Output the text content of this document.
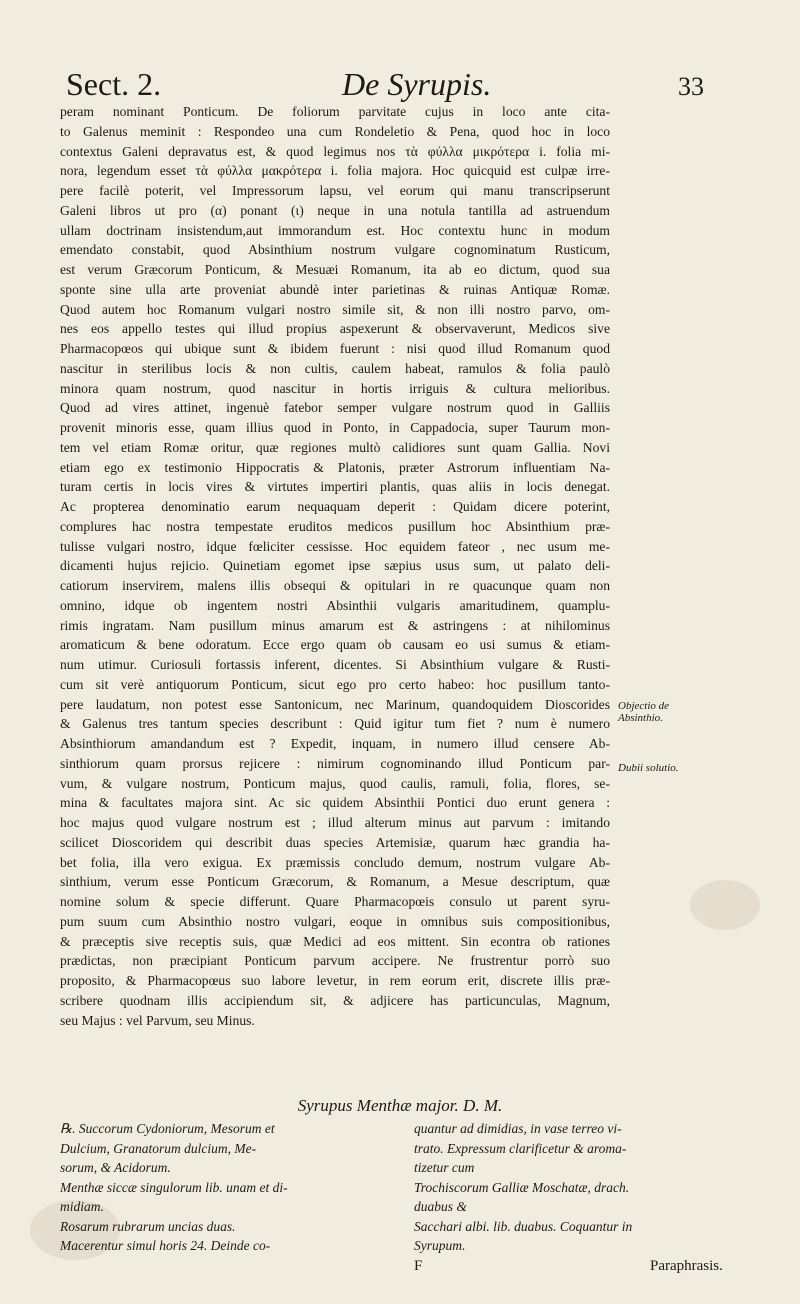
Sect. 2.	De Syrupis.	33
peram nominant Ponticum. De foliorum parvitate cujus in loco ante cita-
to Galenus meminit : Respondeo una cum Rondeletio & Pena, quod hoc in loco
contextus Galeni depravatus est, & quod legimus nos τὰ φύλλα μικρότερα i. folia mi-
nora, legendum esset τὰ φύλλα μακρότερα i. folia majora. Hoc quicquid est culpæ irre-
pere facilè poterit, vel Impressorum lapsu, vel eorum qui manu transcripserunt
Galeni libros ut pro (α) ponant (ι) neque in una notula tantilla ad astruendum
ullam doctrinam insistendum,aut immorandum est. Hoc contextu hunc in modum
emendato constabit, quod Absinthium nostrum vulgare cognominatum Rusticum,
est verum Græcorum Ponticum, & Mesuæi Romanum, ita ab eo dictum, quod sua
sponte sine ulla arte proveniat abundè inter parietinas & ruinas Antiquæ Romæ.
Quod autem hoc Romanum vulgari nostro simile sit, & non illi nostro parvo, om-
nes eos appello testes qui illud propius aspexerunt & observaverunt, Medicos sive
Pharmacopœos qui ubique sunt & ibidem fuerunt : nisi quod illud Romanum quod
nascitur in sterilibus locis & non cultis, caulem habeat, ramulos & folia paulò
minora quam nostrum, quod nascitur in hortis irriguis & cultura melioribus.
Quod ad vires attinet, ingenuè fatebor semper vulgare nostrum quod in Galliis
provenit minoris esse, quam illius quod in Ponto, in Cappadocia, super Taurum mon-
tem vel etiam Romæ oritur, quæ regiones multò calidiores sunt quam Gallia. Novi
etiam ego ex testimonio Hippocratis & Platonis, præter Astrorum influentiam Na-
turam certis in locis vires & virtutes impertiri plantis, quas aliis in locis denegat.
Ac propterea denominatio earum nequaquam deperit : Quidam dicere poterint,
complures hac nostra tempestate eruditos medicos pusillum hoc Absinthium præ-
tulisse vulgari nostro, idque fœliciter cessisse. Hoc equidem fateor , nec usum me-
dicamenti hujus rejicio. Quinetiam egomet ipse sæpius usus sum, ut palato deli-
catiorum inservirem, malens illis obsequi & opitulari in re quacunque quam non
omnino, idque ob ingentem nostri Absinthii vulgaris amaritudinem, quamplu-
rimis ingratam. Nam pusillum minus amarum est & astringens : at nihilominus
aromaticum & bene odoratum. Ecce ergo quam ob causam eo usi sumus & etiam-
num utimur. Curiosuli fortassis inferent, dicentes. Si Absinthium vulgare & Rusti-
cum sit verè antiquorum Ponticum, sicut ego pro certo habeo: hoc pusillum tanto-
pere laudatum, non potest esse Santonicum, nec Marinum, quandoquidem Dioscorides
& Galenus tres tantum species describunt : Quid igitur tum fiet ? num è numero
Absinthiorum amandandum est ? Expedit, inquam, in numero illud censere Ab-
sinthiorum quam prorsus rejicere : nimirum cognominando illud Ponticum par-
vum, & vulgare nostrum, Ponticum majus, quod caulis, ramuli, folia, flores, se-
mina & facultates majora sint. Ac sic quidem Absinthii Pontici duo erunt genera :
hoc majus quod vulgare nostrum est ; illud alterum minus aut parvum : imitando
scilicet Dioscoridem qui describit duas species Artemisiæ, quarum hæc grandia ha-
bet folia, illa vero exigua. Ex præmissis concludo demum, nostrum vulgare Ab-
sinthium, verum esse Ponticum Græcorum, & Romanum, a Mesue descriptum, quæ
nomine solum & specie differunt. Quare Pharmacopœis consulo ut parent syru-
pum suum cum Absinthio nostro vulgari, eoque in omnibus suis compositionibus,
& præceptis sive receptis suis, quæ Medici ad eos mittent. Sin econtra ob rationes
prædictas, non præcipiant Ponticum parvum accipere. Ne frustrentur porrò suo
proposito, & Pharmacopœus suo labore levetur, in rem eorum erit, discrete illis præ-
scribere quodnam illis accipiendum sit, & adjicere has particunculas, Magnum,
seu Majus : vel Parvum, seu Minus.
Objectio de Absinthio.
Dubii solutio.
Syrupus Menthæ major. D. M.
℞. Succorum Cydoniorum, Mesorum et
Dulcium, Granatorum dulcium, Me-
sorum, & Acidorum.
Menthæ siccæ singulorum lib. unam et di-
midiam.
Rosarum rubrarum uncias duas.
Macerentur simul horis 24. Deinde co-
quantur ad dimidias, in vase terreo vi-
trato. Expressum clarificetur & aroma-
tizetur cum
Trochiscorum Galliæ Moschatæ, drach.
duabus &
Sacchari albi. lib. duabus. Coquantur in
Syrupum.
F	Paraphrasis.
